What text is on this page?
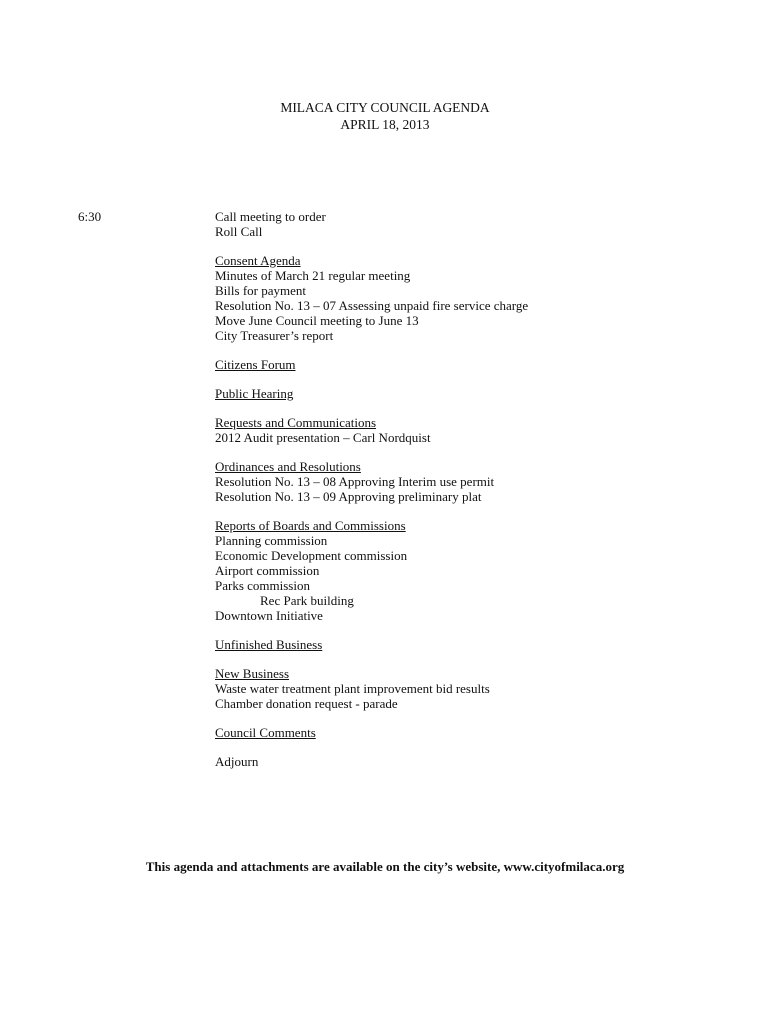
MILACA CITY COUNCIL AGENDA
APRIL 18, 2013
6:30	Call meeting to order
Roll Call
Consent Agenda
Minutes of March 21 regular meeting
Bills for payment
Resolution No. 13 – 07 Assessing unpaid fire service charge
Move June Council meeting to June 13
City Treasurer’s report
Citizens Forum
Public Hearing
Requests and Communications
2012 Audit presentation – Carl Nordquist
Ordinances and Resolutions
Resolution No. 13 – 08 Approving Interim use permit
Resolution No. 13 – 09 Approving preliminary plat
Reports of Boards and Commissions
Planning commission
Economic Development commission
Airport commission
Parks commission
Rec Park building
Downtown Initiative
Unfinished Business
New Business
Waste water treatment plant improvement bid results
Chamber donation request - parade
Council Comments
Adjourn
This agenda and attachments are available on the city’s website, www.cityofmilaca.org
